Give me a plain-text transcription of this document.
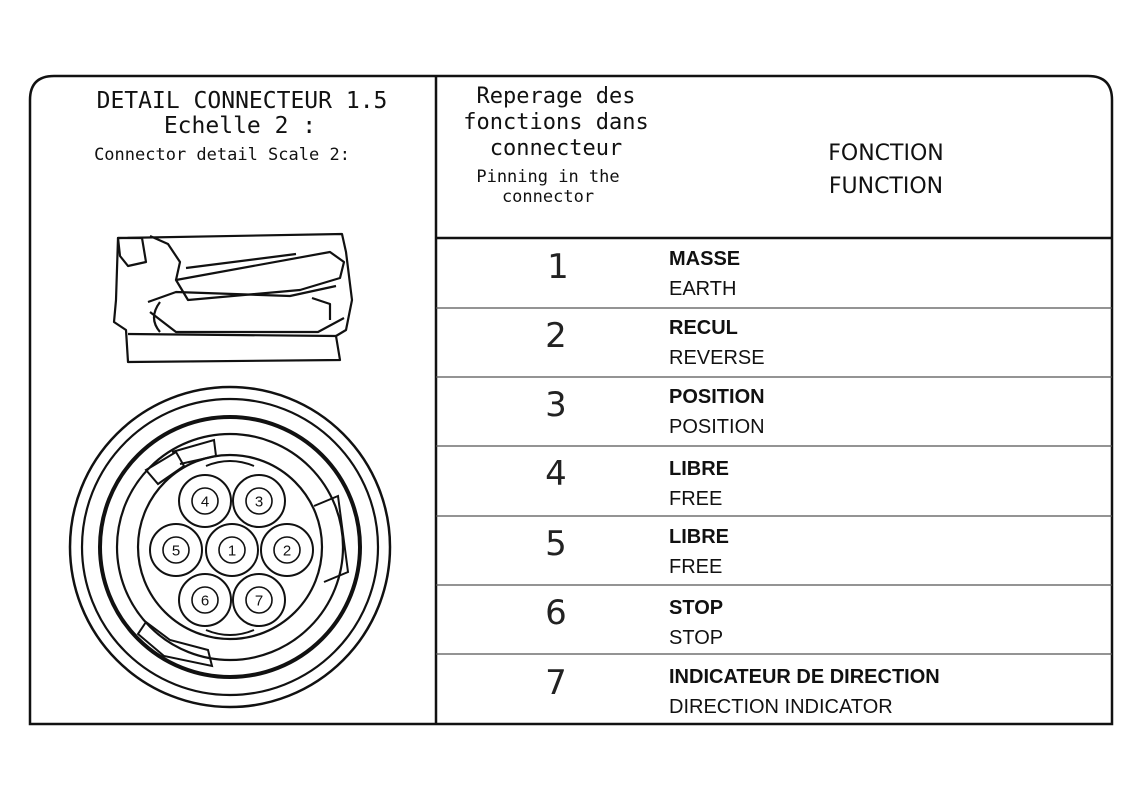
DETAIL CONNECTEUR 1.5
Echelle 2 :
Connector detail Scale 2:
Reperage des
fonctions dans
connecteur
Pinning in the
connector
FONCTION
FUNCTION
1	MASSE
EARTH
2	RECUL
REVERSE
3	POSITION
POSITION
4	LIBRE
FREE
5	LIBRE
FREE
6	STOP
STOP
7	INDICATEUR DE DIRECTION
DIRECTION INDICATOR
1	2
3
4
5
6	7
